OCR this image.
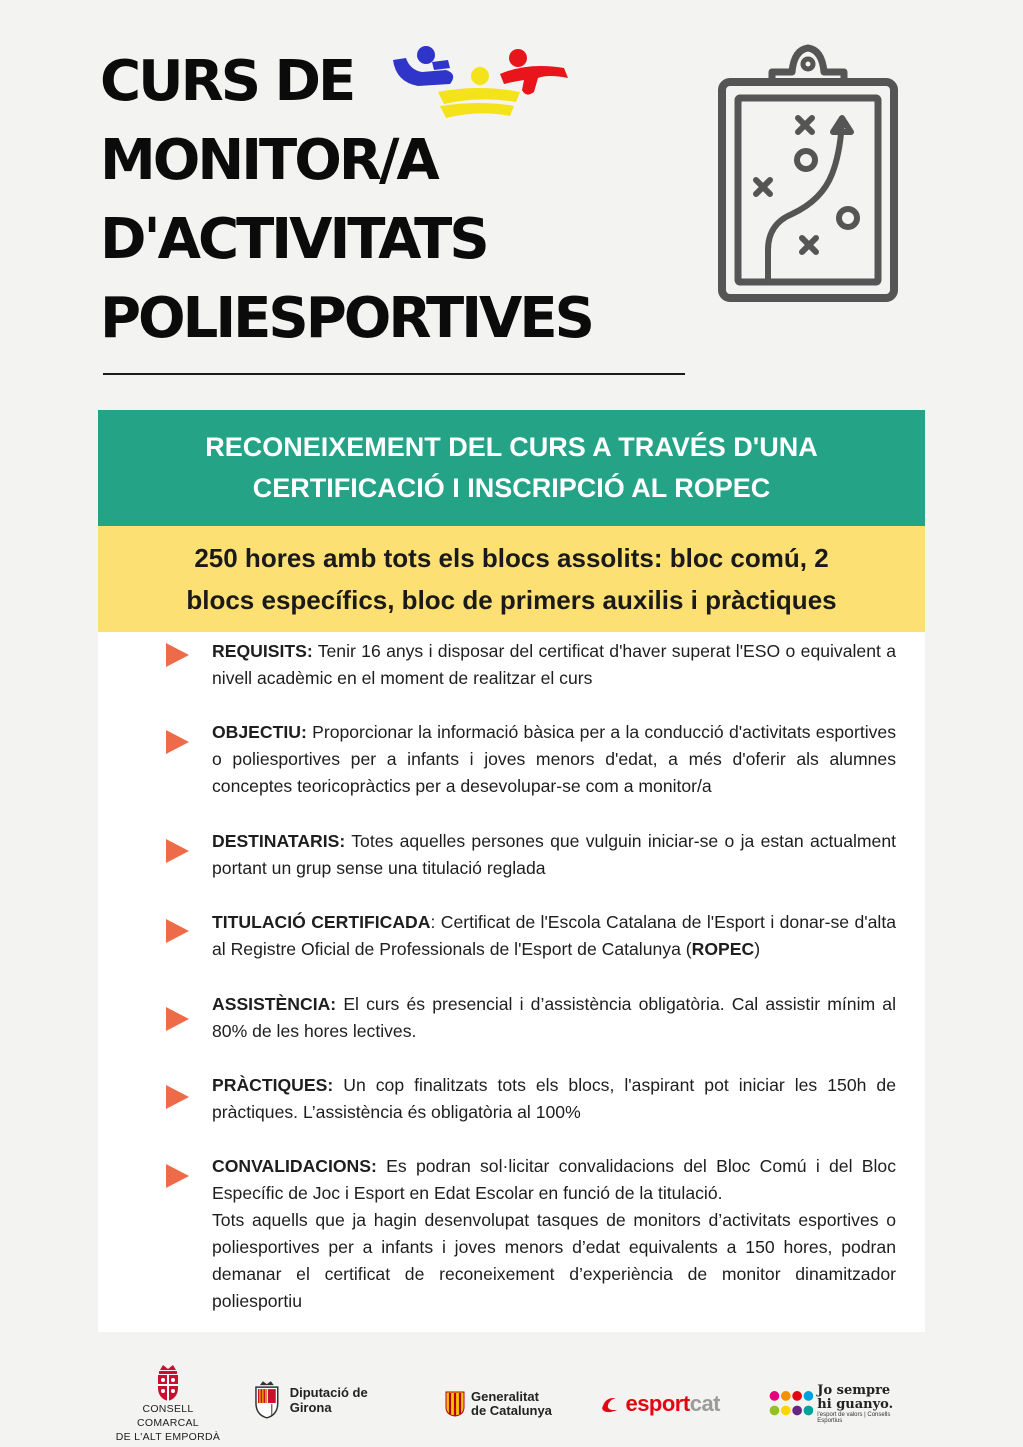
CURS DE
MONITOR/A
D'ACTIVITATS
POLIESPORTIVES
RECONEIXEMENT DEL CURS A TRAVÉS D'UNA
CERTIFICACIÓ I INSCRIPCIÓ AL ROPEC
250 hores amb tots els blocs assolits: bloc comú, 2
blocs específics, bloc de primers auxilis i pràctiques

REQUISITS: Tenir 16 anys i disposar del certificat d'haver superat l'ESO o equivalent a nivell acadèmic en el moment de realitzar el curs

OBJECTIU: Proporcionar la informació bàsica per a la conducció d'activitats esportives o poliesportives per a infants i joves menors d'edat, a més d'oferir als alumnes conceptes teoricopràctics per a desevolupar-se com a monitor/a

DESTINATARIS: Totes aquelles persones que vulguin iniciar-se o ja estan actualment portant un grup sense una titulació reglada

TITULACIÓ CERTIFICADA: Certificat de l'Escola Catalana de l'Esport i donar-se d'alta al Registre Oficial de Professionals de l'Esport de Catalunya (ROPEC)

ASSISTÈNCIA: El curs és presencial i d’assistència obligatòria. Cal assistir mínim al 80% de les hores lectives.

PRÀCTIQUES: Un cop finalitzats tots els blocs, l'aspirant pot iniciar les 150h de pràctiques. L’assistència és obligatòria al 100%

CONVALIDACIONS: Es podran sol·licitar convalidacions del Bloc Comú i del Bloc Específic de Joc i Esport en Edat Escolar en funció de la titulació.

Tots aquells que ja hagin desenvolupat tasques de monitors d’activitats esportives o poliesportives per a infants i joves menors d’edat equivalents a 150 hores, podran demanar el certificat de reconeixement d’experiència de monitor dinamitzador poliesportiu

CONSELL COMARCAL
DE L'ALT EMPORDÀ
Diputació de Girona
Generalitat
de Catalunya	esportcat
Jo sempre
hi guanyo.
l'esport de valors | Consells Esportius
